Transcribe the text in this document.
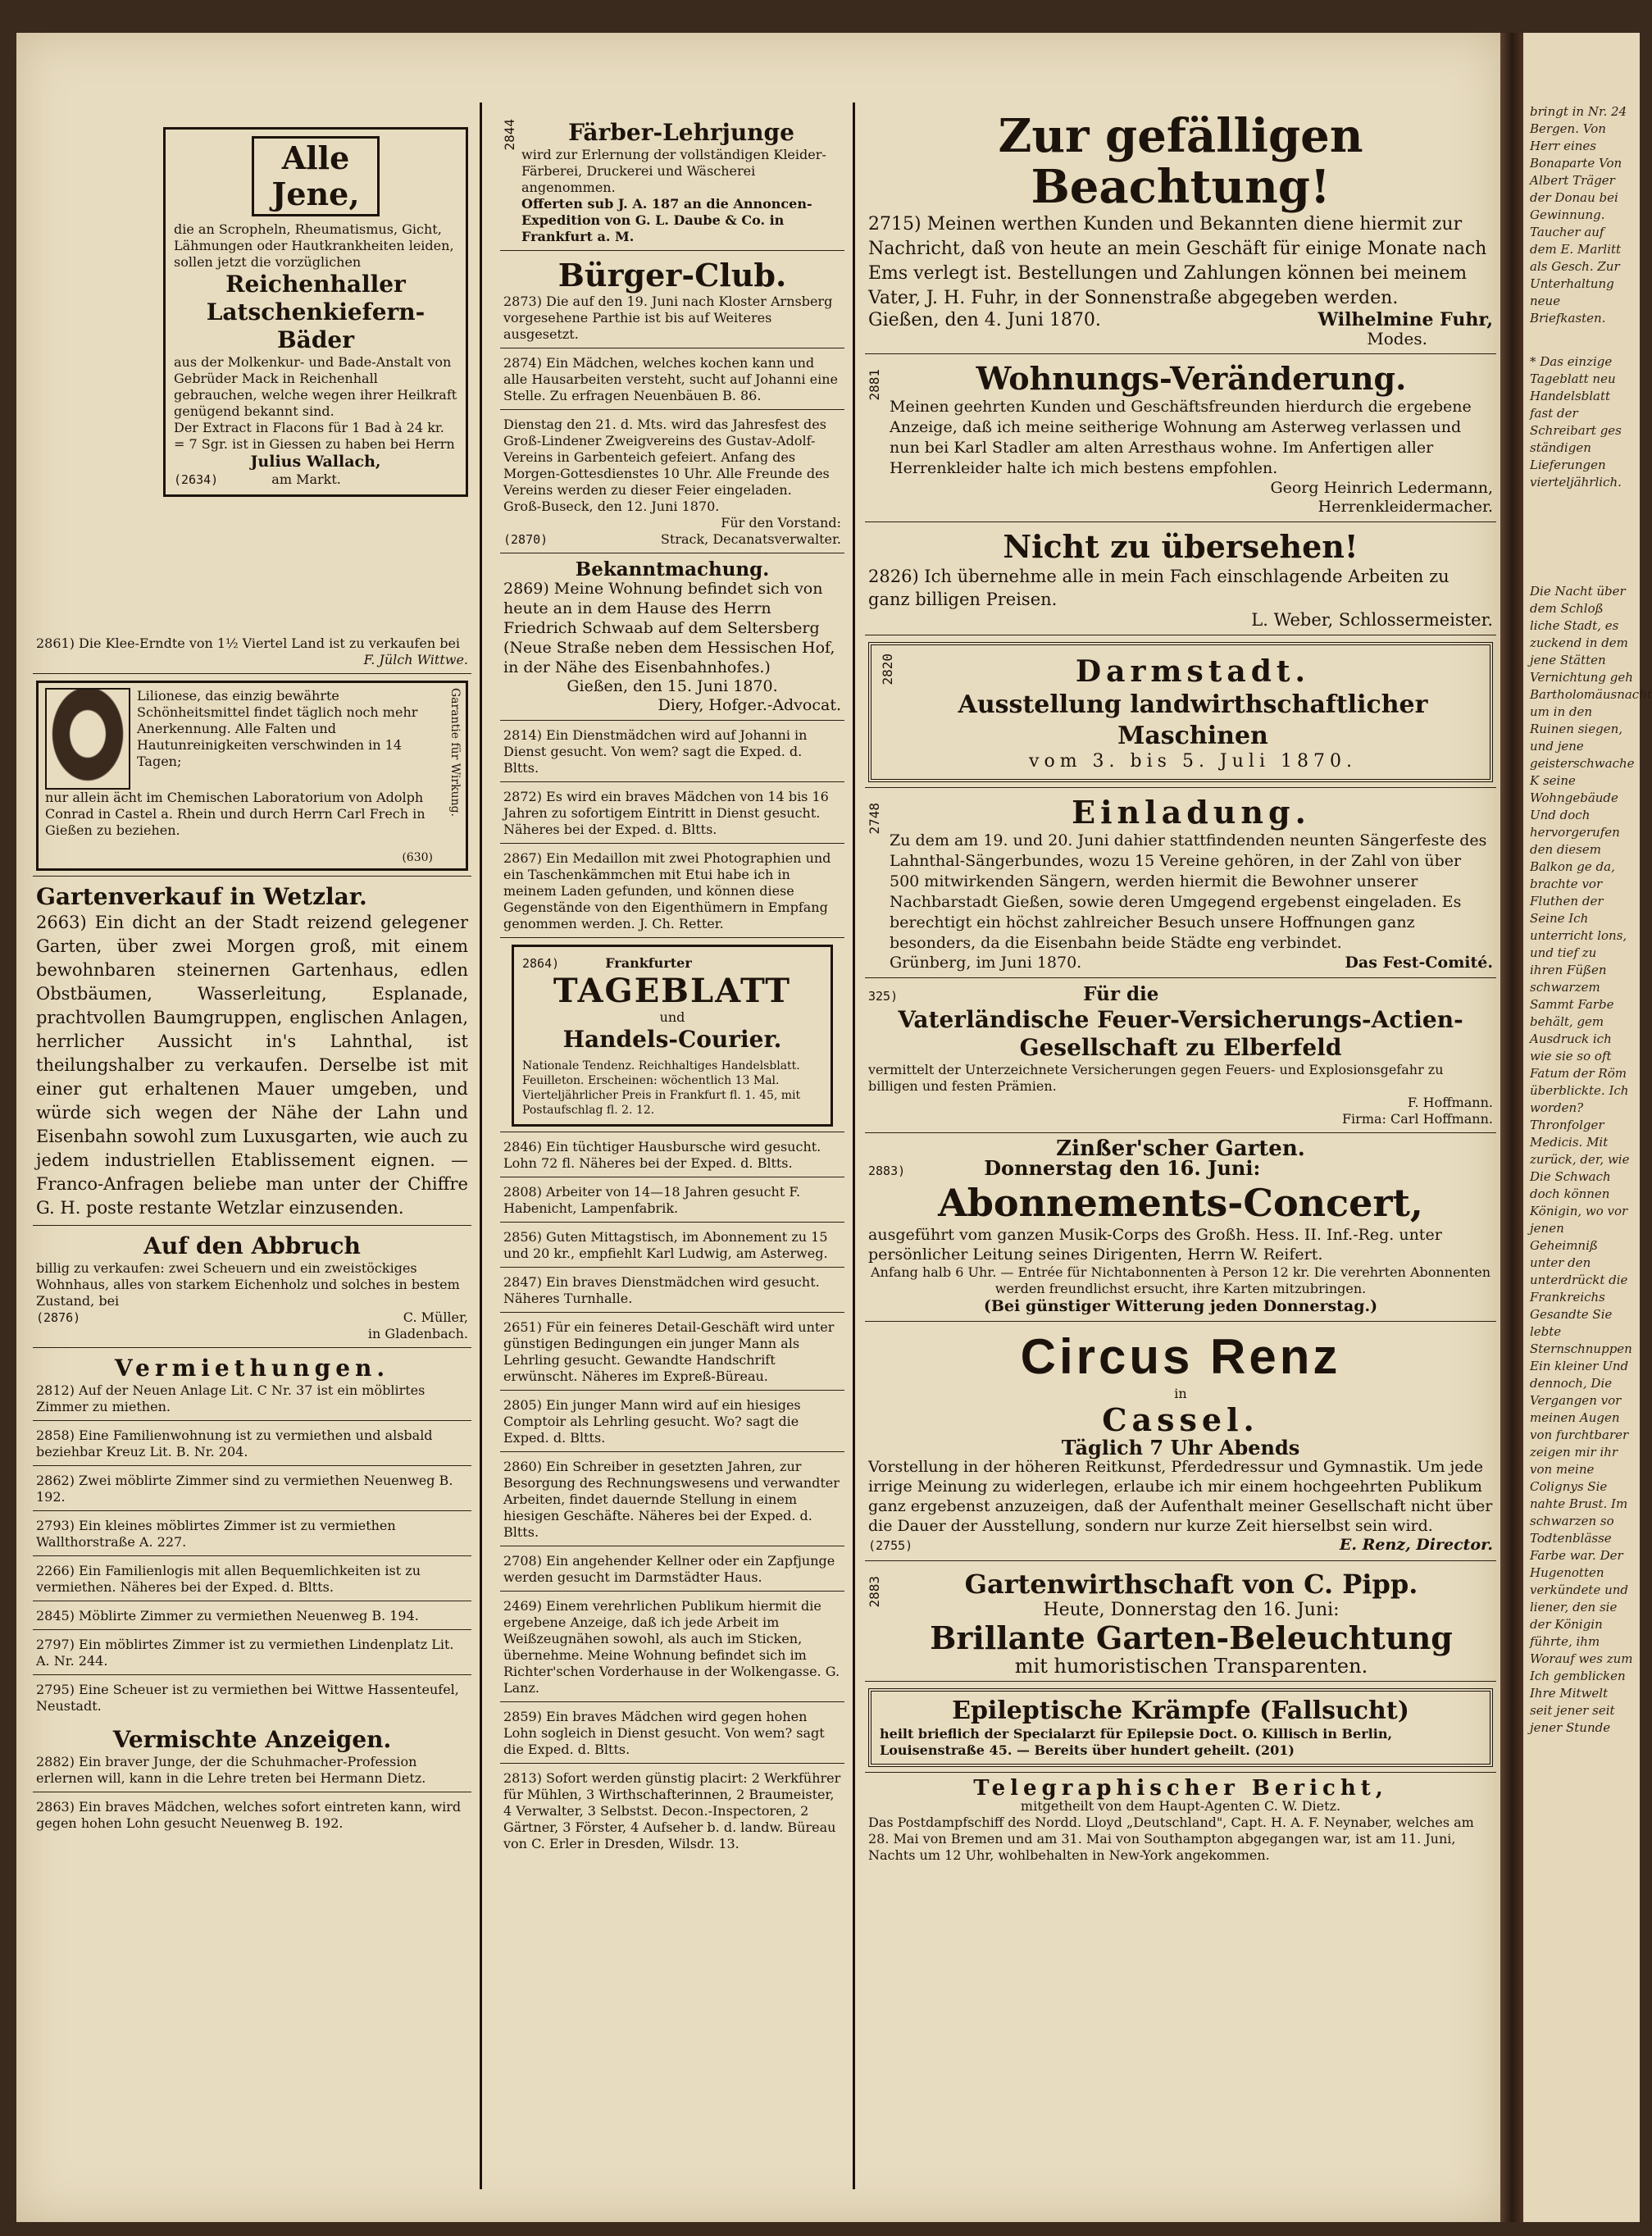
Alle
Jene,
die an Scropheln, Rheumatismus, Gicht, Lähmungen oder Hautkrankheiten leiden, sollen jetzt die vorzüglichen
Reichenhaller
Latschenkiefern-Bäder
aus der Molkenkur- und Bade-Anstalt von Gebrüder Mack in Reichenhall gebrauchen, welche wegen ihrer Heilkraft genügend bekannt sind.
Der Extract in Flacons für 1 Bad à 24 kr. = 7 Sgr. ist in Giessen zu haben bei Herrn
Julius Wallach,
(2634)	am Markt.
2861) Die Klee-Erndte von 1½ Viertel Land ist zu verkaufen bei
F. Jülch Wittwe.
Lilionese, das einzig bewährte Schönheitsmittel findet täglich noch mehr Anerkennung. Alle Falten und Hautunreinigkeiten verschwinden in 14 Tagen;
nur allein ächt im Chemischen Laboratorium von Adolph Conrad in Castel a. Rhein und durch Herrn Carl Frech in Gießen zu beziehen.
(630)
Garantie für Wirkung.
Gartenverkauf in Wetzlar.
2663) Ein dicht an der Stadt reizend gelegener Garten, über zwei Morgen groß, mit einem bewohnbaren steinernen Gartenhaus, edlen Obstbäumen, Wasserleitung, Esplanade, prachtvollen Baumgruppen, englischen Anlagen, herrlicher Aussicht in's Lahnthal, ist theilungshalber zu verkaufen. Derselbe ist mit einer gut erhaltenen Mauer umgeben, und würde sich wegen der Nähe der Lahn und Eisenbahn sowohl zum Luxusgarten, wie auch zu jedem industriellen Etablissement eignen. — Franco-Anfragen beliebe man unter der Chiffre G. H. poste restante Wetzlar einzusenden.
Auf den Abbruch
billig zu verkaufen: zwei Scheuern und ein zweistöckiges Wohnhaus, alles von starkem Eichenholz und solches in bestem Zustand, bei
(2876)	C. Müller,
in Gladenbach.
Vermiethungen.
2812) Auf der Neuen Anlage Lit. C Nr. 37 ist ein möblirtes Zimmer zu miethen.
2858) Eine Familienwohnung ist zu vermiethen und alsbald beziehbar Kreuz Lit. B. Nr. 204.
2862) Zwei möblirte Zimmer sind zu vermiethen Neuenweg B. 192.
2793) Ein kleines möblirtes Zimmer ist zu vermiethen Wallthorstraße A. 227.
2266) Ein Familienlogis mit allen Bequemlichkeiten ist zu vermiethen. Näheres bei der Exped. d. Bltts.
2845) Möblirte Zimmer zu vermiethen Neuenweg B. 194.
2797) Ein möblirtes Zimmer ist zu vermiethen Lindenplatz Lit. A. Nr. 244.
2795) Eine Scheuer ist zu vermiethen bei Wittwe Hassenteufel, Neustadt.
Vermischte Anzeigen.
2882) Ein braver Junge, der die Schuhmacher-Profession erlernen will, kann in die Lehre treten bei Hermann Dietz.
2863) Ein braves Mädchen, welches sofort eintreten kann, wird gegen hohen Lohn gesucht Neuenweg B. 192.
2844	Färber-Lehrjunge
wird zur Erlernung der vollständigen Kleider-Färberei, Druckerei und Wäscherei angenommen.
Offerten sub J. A. 187 an die Annoncen-Expedition von G. L. Daube & Co. in Frankfurt a. M.
Bürger-Club.
2873) Die auf den 19. Juni nach Kloster Arnsberg vorgesehene Parthie ist bis auf Weiteres ausgesetzt.
2874) Ein Mädchen, welches kochen kann und alle Hausarbeiten versteht, sucht auf Johanni eine Stelle. Zu erfragen Neuenbäuen B. 86.
Dienstag den 21. d. Mts. wird das Jahresfest des Groß-Lindener Zweigvereins des Gustav-Adolf-Vereins in Garbenteich gefeiert. Anfang des Morgen-Gottesdienstes 10 Uhr. Alle Freunde des Vereins werden zu dieser Feier eingeladen.
Groß-Buseck, den 12. Juni 1870.
Für den Vorstand:
(2870)	Strack, Decanatsverwalter.
Bekanntmachung.
2869) Meine Wohnung befindet sich von heute an in dem Hause des Herrn Friedrich Schwaab auf dem Seltersberg (Neue Straße neben dem Hessischen Hof, in der Nähe des Eisenbahnhofes.)
Gießen, den 15. Juni 1870.
Diery, Hofger.-Advocat.
2814) Ein Dienstmädchen wird auf Johanni in Dienst gesucht. Von wem? sagt die Exped. d. Bltts.
2872) Es wird ein braves Mädchen von 14 bis 16 Jahren zu sofortigem Eintritt in Dienst gesucht. Näheres bei der Exped. d. Bltts.
2867) Ein Medaillon mit zwei Photographien und ein Taschenkämmchen mit Etui habe ich in meinem Laden gefunden, und können diese Gegenstände von den Eigenthümern in Empfang genommen werden. J. Ch. Retter.
2864)	Frankfurter
TAGEBLATT
und
Handels-Courier.
Nationale Tendenz. Reichhaltiges Handelsblatt. Feuilleton. Erscheinen: wöchentlich 13 Mal. Vierteljährlicher Preis in Frankfurt fl. 1. 45, mit Postaufschlag fl. 2. 12.
2846) Ein tüchtiger Hausbursche wird gesucht. Lohn 72 fl. Näheres bei der Exped. d. Bltts.
2808) Arbeiter von 14—18 Jahren gesucht F. Habenicht, Lampenfabrik.
2856) Guten Mittagstisch, im Abonnement zu 15 und 20 kr., empfiehlt Karl Ludwig, am Asterweg.
2847) Ein braves Dienstmädchen wird gesucht. Näheres Turnhalle.
2651) Für ein feineres Detail-Geschäft wird unter günstigen Bedingungen ein junger Mann als Lehrling gesucht. Gewandte Handschrift erwünscht. Näheres im Expreß-Büreau.
2805) Ein junger Mann wird auf ein hiesiges Comptoir als Lehrling gesucht. Wo? sagt die Exped. d. Bltts.
2860) Ein Schreiber in gesetzten Jahren, zur Besorgung des Rechnungswesens und verwandter Arbeiten, findet dauernde Stellung in einem hiesigen Geschäfte. Näheres bei der Exped. d. Bltts.
2708) Ein angehender Kellner oder ein Zapfjunge werden gesucht im Darmstädter Haus.
2469) Einem verehrlichen Publikum hiermit die ergebene Anzeige, daß ich jede Arbeit im Weißzeugnähen sowohl, als auch im Sticken, übernehme. Meine Wohnung befindet sich im Richter'schen Vorderhause in der Wolkengasse. G. Lanz.
2859) Ein braves Mädchen wird gegen hohen Lohn sogleich in Dienst gesucht. Von wem? sagt die Exped. d. Bltts.
2813) Sofort werden günstig placirt: 2 Werkführer für Mühlen, 3 Wirthschafterinnen, 2 Braumeister, 4 Verwalter, 3 Selbstst. Decon.-Inspectoren, 2 Gärtner, 3 Förster, 4 Aufseher b. d. landw. Büreau von C. Erler in Dresden, Wilsdr. 13.
Zur gefälligen Beachtung!
2715) Meinen werthen Kunden und Bekannten diene hiermit zur Nachricht, daß von heute an mein Geschäft für einige Monate nach Ems verlegt ist. Bestellungen und Zahlungen können bei meinem Vater, J. H. Fuhr, in der Sonnenstraße abgegeben werden.
Gießen, den 4. Juni 1870.	Wilhelmine Fuhr,
Modes.
2881	Wohnungs-Veränderung.
Meinen geehrten Kunden und Geschäftsfreunden hierdurch die ergebene Anzeige, daß ich meine seitherige Wohnung am Asterweg verlassen und nun bei Karl Stadler am alten Arresthaus wohne. Im Anfertigen aller Herrenkleider halte ich mich bestens empfohlen.
Georg Heinrich Ledermann,
Herrenkleidermacher.
Nicht zu übersehen!
2826) Ich übernehme alle in mein Fach einschlagende Arbeiten zu ganz billigen Preisen.
L. Weber, Schlossermeister.
2820	Darmstadt.
Ausstellung landwirthschaftlicher Maschinen
vom 3. bis 5. Juli 1870.
2748	Einladung.
Zu dem am 19. und 20. Juni dahier stattfindenden neunten Sängerfeste des Lahnthal-Sängerbundes, wozu 15 Vereine gehören, in der Zahl von über 500 mitwirkenden Sängern, werden hiermit die Bewohner unserer Nachbarstadt Gießen, sowie deren Umgegend ergebenst eingeladen. Es berechtigt ein höchst zahlreicher Besuch unsere Hoffnungen ganz besonders, da die Eisenbahn beide Städte eng verbindet.
Grünberg, im Juni 1870.	Das Fest-Comité.
325)	Für die
Vaterländische Feuer-Versicherungs-Actien-Gesellschaft zu Elberfeld
vermittelt der Unterzeichnete Versicherungen gegen Feuers- und Explosionsgefahr zu billigen und festen Prämien.
F. Hoffmann.
Firma: Carl Hoffmann.
Zinßer'scher Garten.
2883)	Donnerstag den 16. Juni:
Abonnements-Concert,
ausgeführt vom ganzen Musik-Corps des Großh. Hess. II. Inf.-Reg. unter persönlicher Leitung seines Dirigenten, Herrn W. Reifert.
Anfang halb 6 Uhr. — Entrée für Nichtabonnenten à Person 12 kr. Die verehrten Abonnenten werden freundlichst ersucht, ihre Karten mitzubringen.
(Bei günstiger Witterung jeden Donnerstag.)
Circus Renz
in
Cassel.
Täglich 7 Uhr Abends
Vorstellung in der höheren Reitkunst, Pferdedressur und Gymnastik. Um jede irrige Meinung zu widerlegen, erlaube ich mir einem hochgeehrten Publikum ganz ergebenst anzuzeigen, daß der Aufenthalt meiner Gesellschaft nicht über die Dauer der Ausstellung, sondern nur kurze Zeit hierselbst sein wird.
(2755)	E. Renz, Director.
2883	Gartenwirthschaft von C. Pipp.
Heute, Donnerstag den 16. Juni:
Brillante Garten-Beleuchtung
mit humoristischen Transparenten.
Epileptische Krämpfe (Fallsucht)
heilt brieflich der Specialarzt für Epilepsie Doct. O. Killisch in Berlin, Louisenstraße 45. — Bereits über hundert geheilt. (201)
Telegraphischer Bericht,
mitgetheilt von dem Haupt-Agenten C. W. Dietz.
Das Postdampfschiff des Nordd. Lloyd „Deutschland", Capt. H. A. F. Neynaber, welches am 28. Mai von Bremen und am 31. Mai von Southampton abgegangen war, ist am 11. Juni, Nachts um 12 Uhr, wohlbehalten in New-York angekommen.
bringt in Nr. 24 Bergen. Von Herr eines Bonaparte Von Albert Träger der Donau bei Gewinnung. Taucher auf dem E. Marlitt als Gesch. Zur Unterhaltung neue Briefkasten.
* Das einzige Tageblatt neu Handelsblatt fast der Schreibart ges ständigen Lieferungen vierteljährlich.
Die Nacht über dem Schloß liche Stadt, es zuckend in dem jene Stätten Vernichtung geh Bartholomäusnacht um in den Ruinen siegen, und jene geisterschwache K seine Wohngebäude Und doch hervorgerufen den diesem Balkon ge da, brachte vor Fluthen der Seine Ich unterricht lons, und tief zu ihren Füßen schwarzem Sammt Farbe behält, gem Ausdruck ich wie sie so oft Fatum der Röm überblickte. Ich worden? Thronfolger Medicis. Mit zurück, der, wie Die Schwach doch können Königin, wo vor jenen Geheimniß unter den unterdrückt die Frankreichs Gesandte Sie lebte Sternschnuppen Ein kleiner Und dennoch, Die Vergangen vor meinen Augen von furchtbarer zeigen mir ihr von meine Colignys Sie nahte Brust. Im schwarzen so Todtenblässe Farbe war. Der Hugenotten verkündete und liener, den sie der Königin führte, ihm Worauf wes zum Ich gemblicken Ihre Mitwelt seit jener seit jener Stunde
